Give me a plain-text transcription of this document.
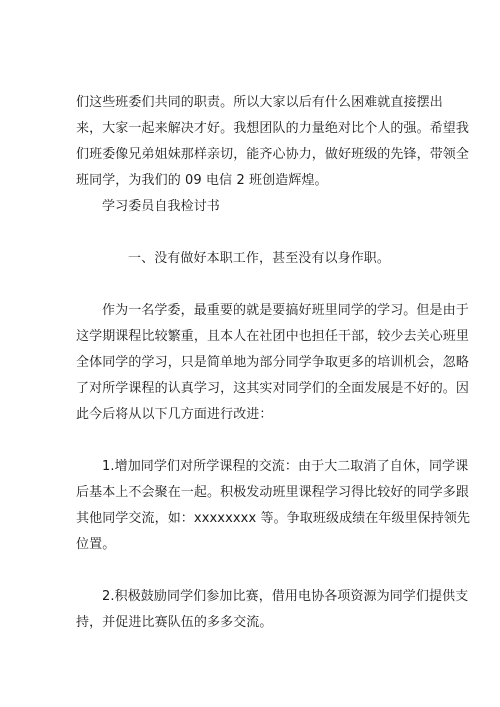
们这些班委们共同的职责。所以大家以后有什么困难就直接摆出
来，大家一起来解决才好。我想团队的力量绝对比个人的强。希望我
们班委像兄弟姐妹那样亲切，能齐心协力，做好班级的先锋，带领全
班同学，为我们的 09 电信 2 班创造辉煌。
学习委员自我检讨书
一、没有做好本职工作，甚至没有以身作职。
作为一名学委，最重要的就是要搞好班里同学的学习。但是由于
这学期课程比较繁重，且本人在社团中也担任干部，较少去关心班里
全体同学的学习，只是简单地为部分同学争取更多的培训机会，忽略
了对所学课程的认真学习，这其实对同学们的全面发展是不好的。因
此今后将从以下几方面进行改进：
1.增加同学们对所学课程的交流：由于大二取消了自休，同学课
后基本上不会聚在一起。积极发动班里课程学习得比较好的同学多跟
其他同学交流，如：xxxxxxxx 等。争取班级成绩在年级里保持领先
位置。
2.积极鼓励同学们参加比赛，借用电协各项资源为同学们提供支
持，并促进比赛队伍的多多交流。
